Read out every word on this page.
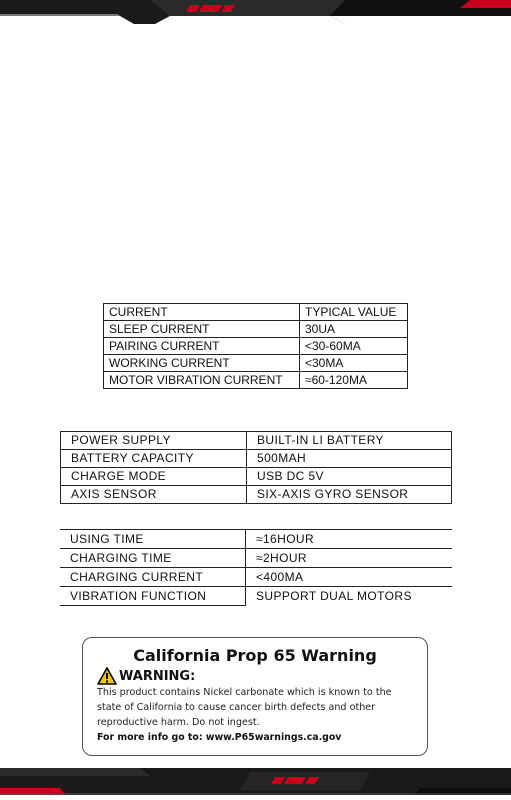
CURRENT	TYPICAL VALUE
SLEEP CURRENT	30UA
PAIRING CURRENT	<30-60MA
WORKING CURRENT	<30MA
MOTOR VIBRATION CURRENT	≈60-120MA
POWER SUPPLY	BUILT-IN LI BATTERY
BATTERY CAPACITY	500MAH
CHARGE MODE	USB DC 5V
AXIS SENSOR	SIX-AXIS GYRO SENSOR
USING TIME	≈16HOUR
CHARGING TIME	≈2HOUR
CHARGING CURRENT	<400MA
VIBRATION FUNCTION	SUPPORT DUAL MOTORS
California Prop 65 Warning
WARNING:
This product contains Nickel carbonate which is known to the state of California to cause cancer birth defects and other reproductive harm. Do not ingest.
For more info go to: www.P65warnings.ca.gov
